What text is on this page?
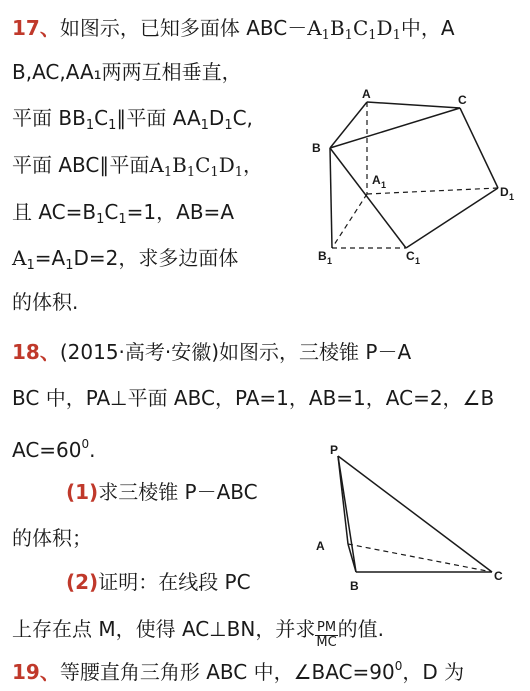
17、如图示，已知多面体 $ABC-A_1B_1C_1D_1$中，A
B,AC,AA₁两两互相垂直，
平面 $BB_1C_1\parallel$平面 $AA_1D_1C$,
平面 ABC∥平面$A_1B_1C_1D_1$，
且 $AC=B_1C_1=1$，AB=A
$A_1=A_1D=2$，求多边面体
的体积.
A	C
B
A 1	D 1
B 1	C 1
18、(2015·高考·安徽)如图示，三棱锥 P－A
BC 中，PA⊥平面 ABC，PA=1，AB=1，AC=2，∠B
$AC=60^0$.
(1)求三棱锥 P－ABC
的体积；
(2)证明：在线段 PC
上存在点 M，使得 AC⊥BN，并求 $\frac{PM}{MC}$ 的值.
P
A
B
C
19、等腰直角三角形 ABC 中，$\angle BAC=90^0$，D 为
